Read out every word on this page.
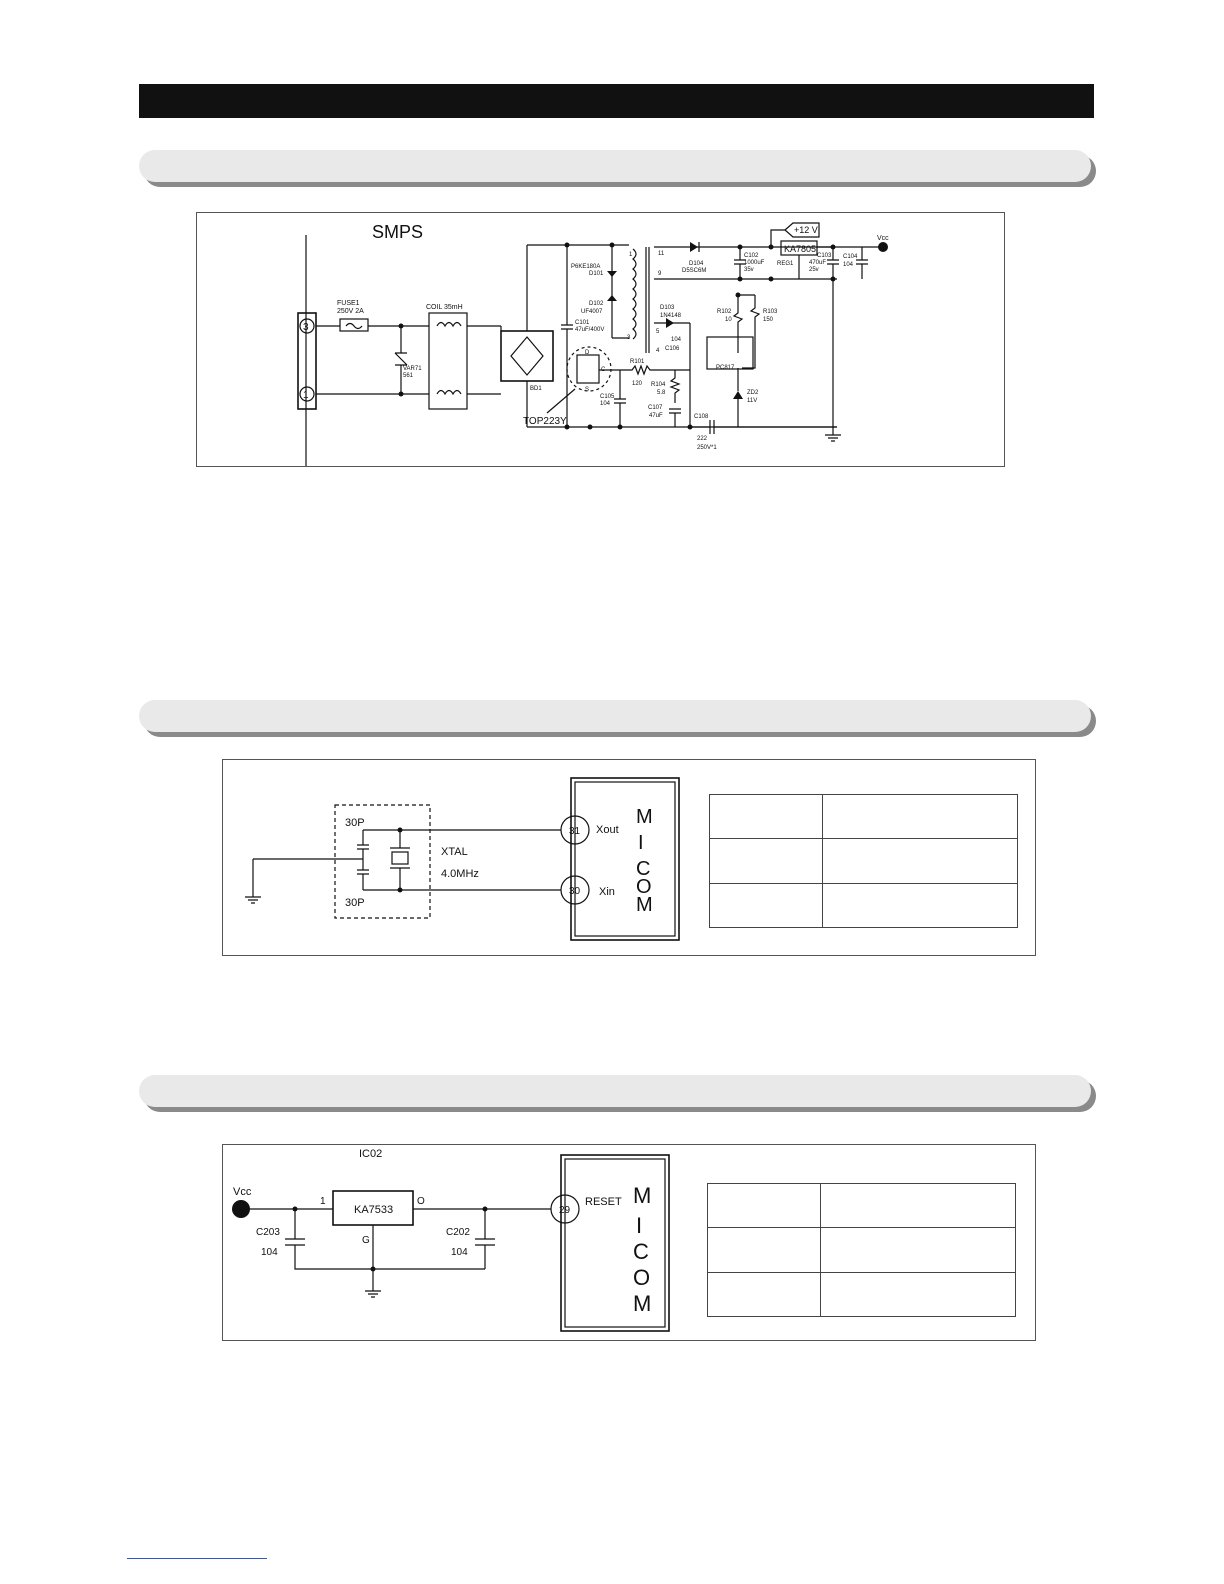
SMPS
3
1
FUSE1
250V 2A
VAR71
561
COIL 35mH
BD1
C101
47uF/400V
P6KE180A
D101
D102
UF4007
1
3
11
9
5
4
D
C
S
TOP223Y
C105
104
R101
120
D103
1N4148
104
C106
R104
5.8
C107
47uF	C108
222
250V*1
D104
D5SC6M
C102
1000uF
35v
KA7805
REG1
+12 V
C103
470uF
25v
C104
104
Vcc
R102
10
R103
150
PC817
ZD2
11V
30P
30P
XTAL
4.0MHz
31 Xout
30 Xin
M
I
C
O
M

Vcc
1
IC02
KA7533
O
G
C203
104
C202
104
29
RESET M
I
C
O
M
